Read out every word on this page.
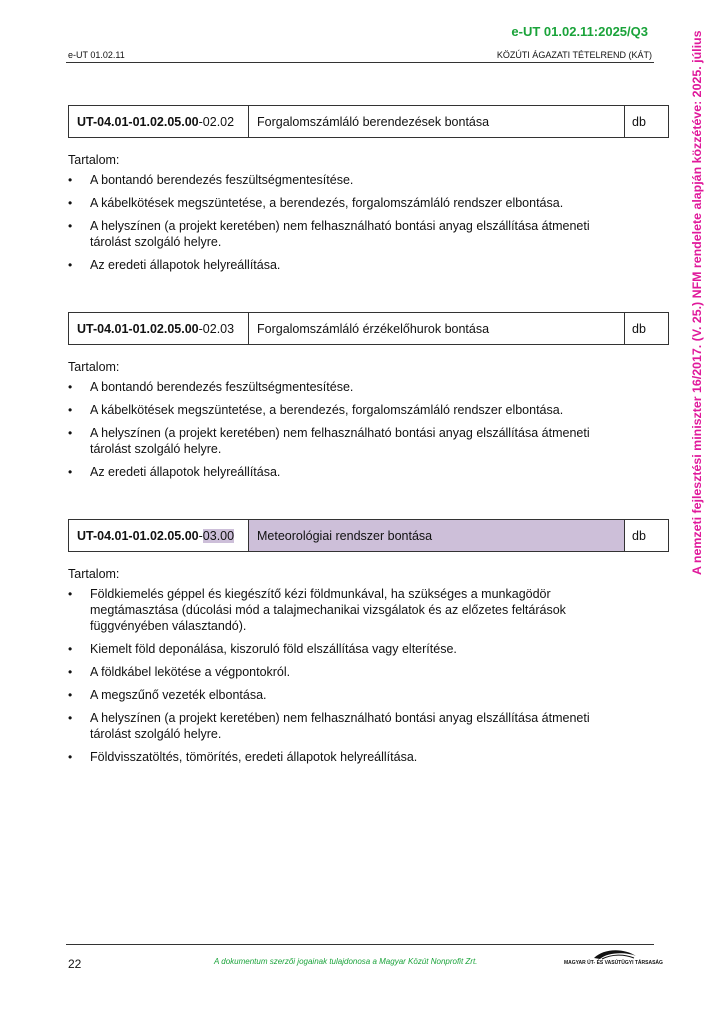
e-UT 01.02.11:2025/Q3
e-UT 01.02.11	KÖZÚTI ÁGAZATI TÉTELREND (KÁT)	A nemzeti fejlesztési miniszter 16/2017. (V. 25.) NFM rendelete alapján közzétéve: 2025. július
UT-04.01-01.02.05.00 -02.02	Forgalomszámláló berendezések bontása	db
Tartalom:
• A bontandó berendezés feszültségmentesítése.
• A kábelkötések megszüntetése, a berendezés, forgalomszámláló rendszer elbontása.
• A helyszínen (a projekt keretében) nem felhasználható bontási anyag elszállítása átmeneti tárolást szolgáló helyre.
• Az eredeti állapotok helyreállítása.
UT-04.01-01.02.05.00 -02.03	Forgalomszámláló érzékelőhurok bontása	db
Tartalom:
• A bontandó berendezés feszültségmentesítése.
• A kábelkötések megszüntetése, a berendezés, forgalomszámláló rendszer elbontása.
• A helyszínen (a projekt keretében) nem felhasználható bontási anyag elszállítása átmeneti tárolást szolgáló helyre.
• Az eredeti állapotok helyreállítása.
UT-04.01-01.02.05.00 - 03.00	Meteorológiai rendszer bontása	db
Tartalom:
• Földkiemelés géppel és kiegészítő kézi földmunkával, ha szükséges a munkagödör megtámasztása (dúcolási mód a talajmechanikai vizsgálatok és az előzetes feltárások függvényében választandó).
• Kiemelt föld deponálása, kiszoruló föld elszállítása vagy elterítése.
• A földkábel lekötése a végpontokról.
• A megszűnő vezeték elbontása.
• A helyszínen (a projekt keretében) nem felhasználható bontási anyag elszállítása átmeneti tárolást szolgáló helyre.
• Földvisszatöltés, tömörítés, eredeti állapotok helyreállítása.
22	A dokumentum szerzői jogainak tulajdonosa a Magyar Közút Nonprofit Zrt.	MAGYAR ÚT- ÉS VASÚTÜGYI TÁRSASÁG
